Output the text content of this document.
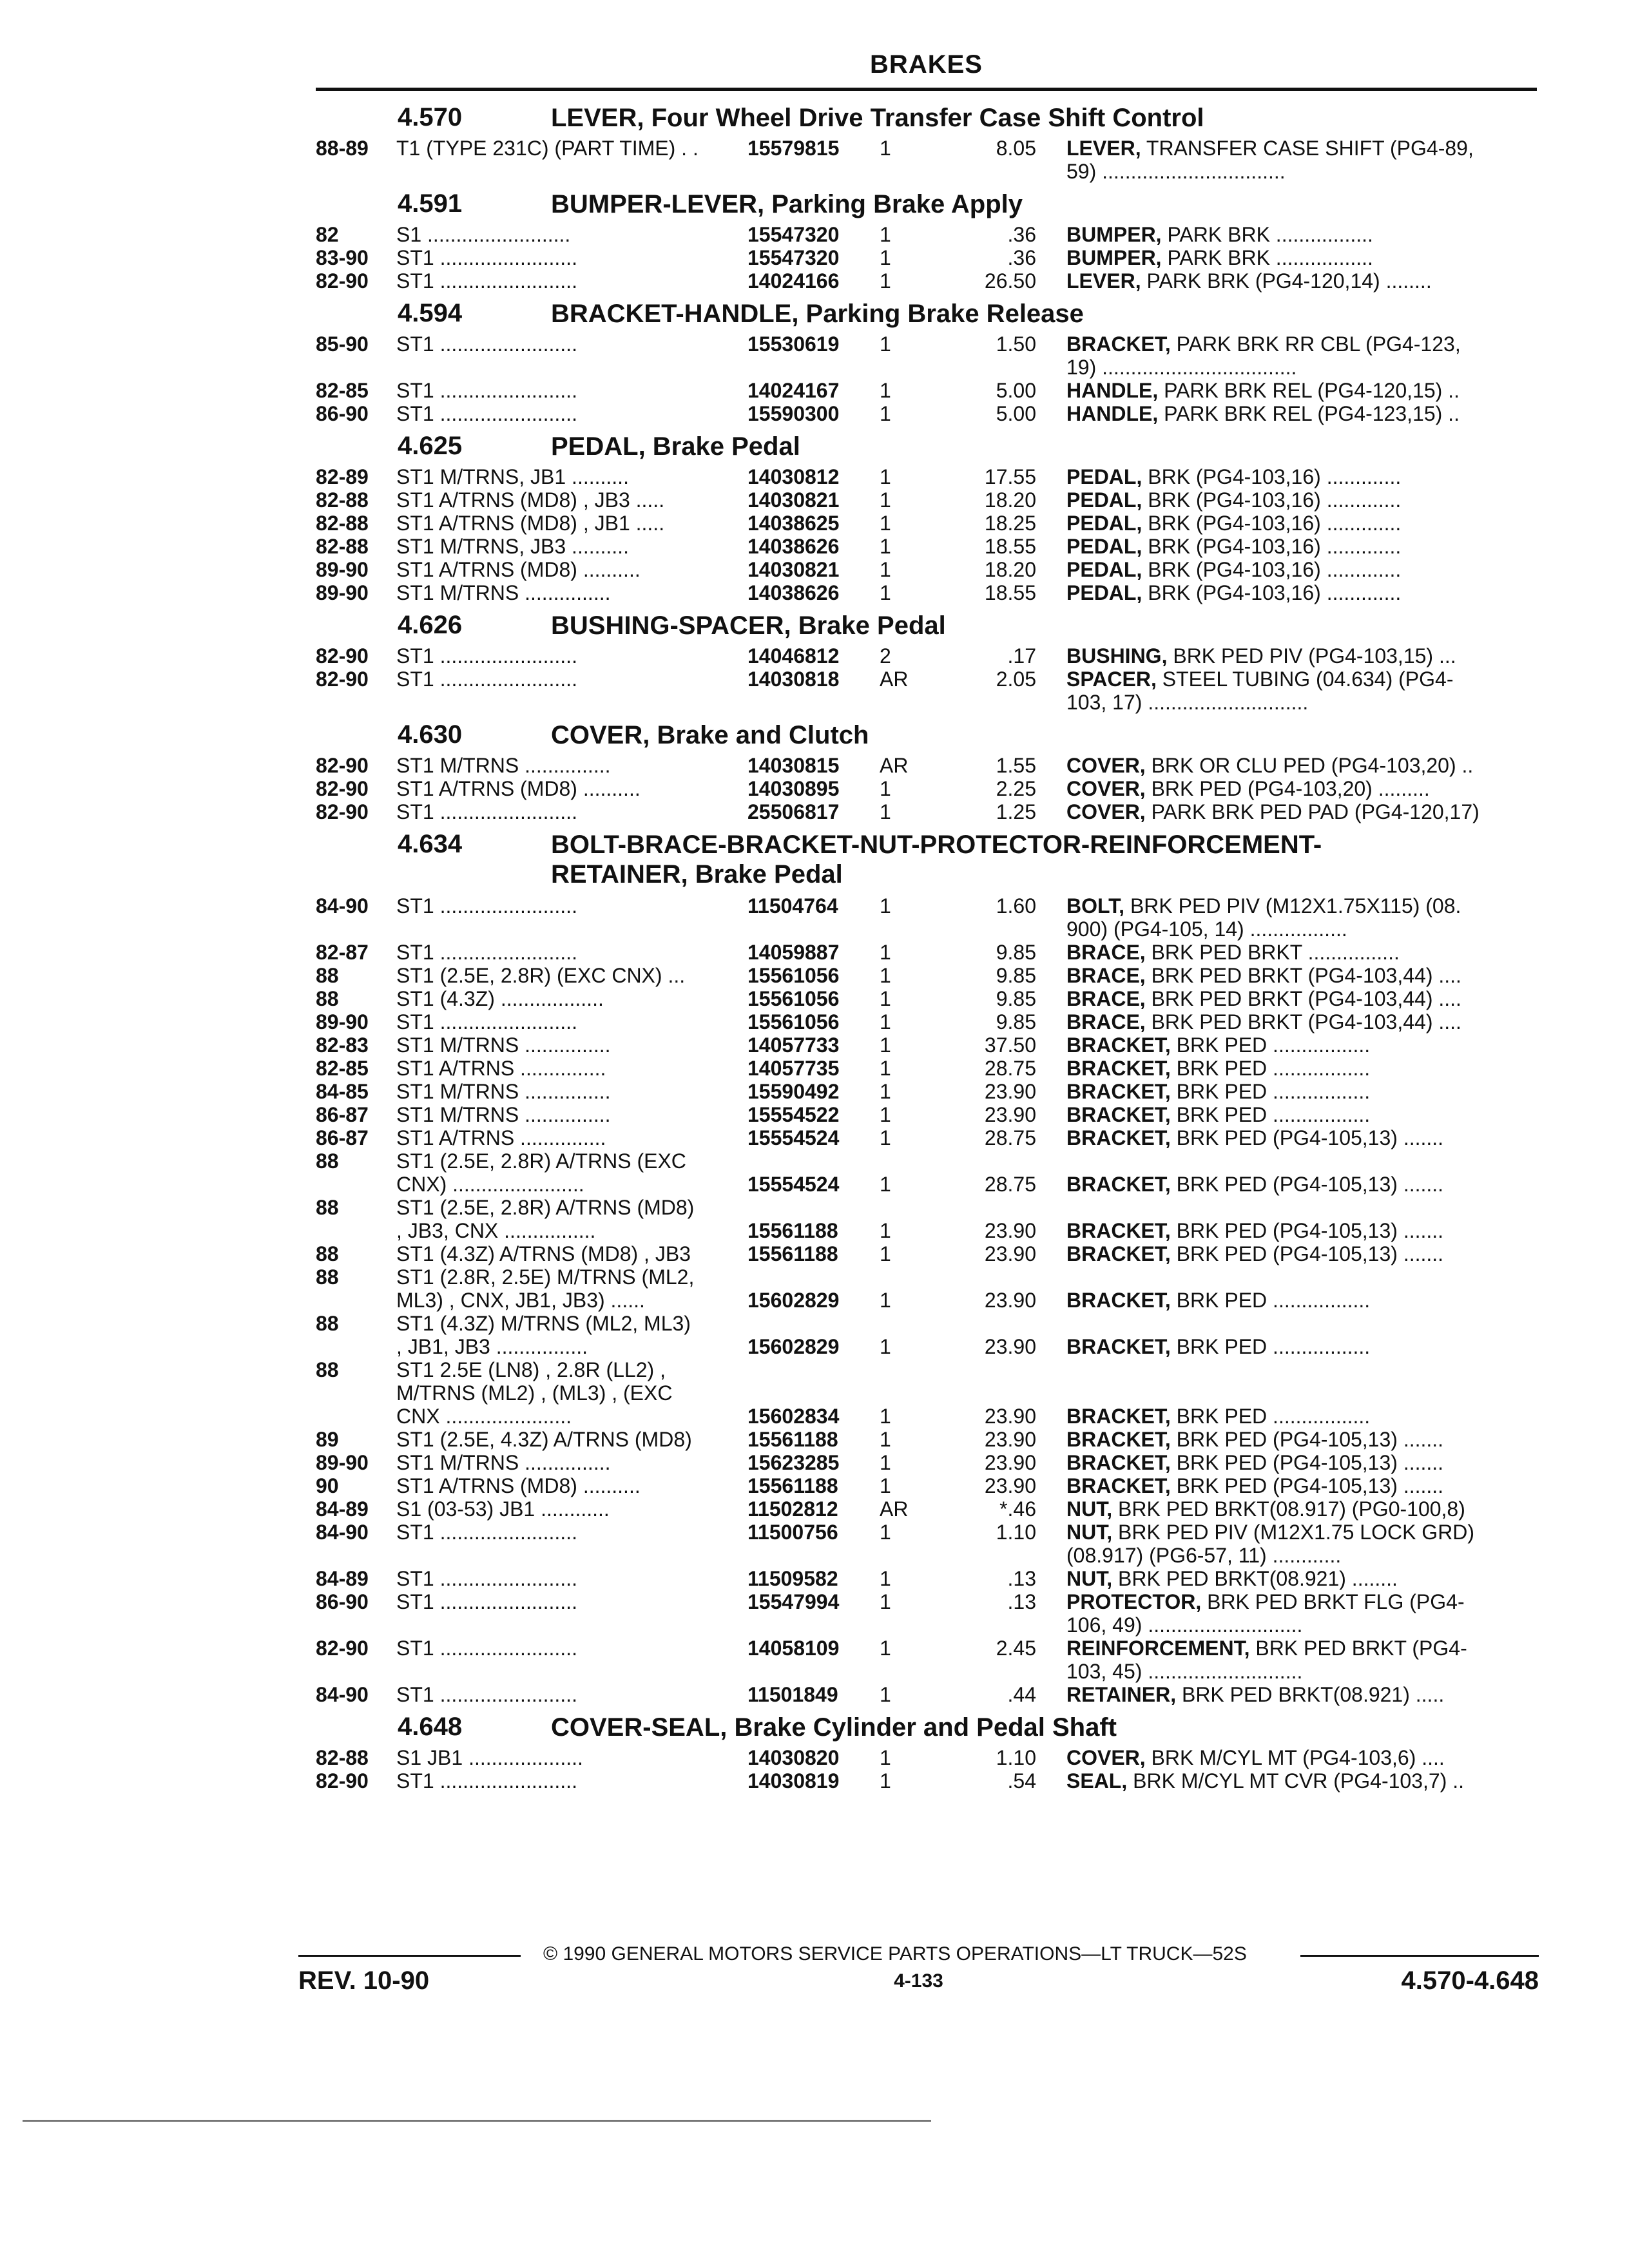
BRAKES
4.570	LEVER, Four Wheel Drive Transfer Case Shift Control
88-89 T1 (TYPE 231C) (PART TIME) . .	15579815 1	8.05 LEVER, TRANSFER CASE SHIFT (PG4-89,
59) ................................
4.591	BUMPER-LEVER, Parking Brake Apply
82	S1 .........................	15547320 1	.36 BUMPER, PARK BRK .................
83-90 ST1 ........................	15547320 1	.36 BUMPER, PARK BRK .................
82-90 ST1 ........................	14024166 1	26.50 LEVER, PARK BRK (PG4-120,14) ........
4.594	BRACKET-HANDLE, Parking Brake Release
85-90 ST1 ........................	15530619 1	1.50 BRACKET, PARK BRK RR CBL (PG4-123,
19) ..................................
82-85 ST1 ........................	14024167 1	5.00 HANDLE, PARK BRK REL (PG4-120,15) ..
86-90 ST1 ........................	15590300 1	5.00 HANDLE, PARK BRK REL (PG4-123,15) ..
4.625	PEDAL, Brake Pedal
82-89 ST1 M/TRNS, JB1 ..........	14030812 1	17.55 PEDAL, BRK (PG4-103,16) .............
82-88 ST1 A/TRNS (MD8) , JB3 .....	14030821 1	18.20 PEDAL, BRK (PG4-103,16) .............
82-88 ST1 A/TRNS (MD8) , JB1 .....	14038625 1	18.25 PEDAL, BRK (PG4-103,16) .............
82-88 ST1 M/TRNS, JB3 ..........	14038626 1	18.55 PEDAL, BRK (PG4-103,16) .............
89-90 ST1 A/TRNS (MD8) ..........	14030821 1	18.20 PEDAL, BRK (PG4-103,16) .............
89-90 ST1 M/TRNS ...............	14038626 1	18.55 PEDAL, BRK (PG4-103,16) .............
4.626	BUSHING-SPACER, Brake Pedal
82-90 ST1 ........................	14046812 2	.17 BUSHING, BRK PED PIV (PG4-103,15) ...
82-90 ST1 ........................	14030818 AR	2.05 SPACER, STEEL TUBING (04.634) (PG4-
103, 17) ............................
4.630	COVER, Brake and Clutch
82-90 ST1 M/TRNS ...............	14030815 AR	1.55 COVER, BRK OR CLU PED (PG4-103,20) ..
82-90 ST1 A/TRNS (MD8) ..........	14030895 1	2.25 COVER, BRK PED (PG4-103,20) .........
82-90 ST1 ........................	25506817 1	1.25 COVER, PARK BRK PED PAD (PG4-120,17)
4.634	BOLT-BRACE-BRACKET-NUT-PROTECTOR-REINFORCEMENT-
RETAINER, Brake Pedal
84-90 ST1 ........................	11504764 1	1.60 BOLT, BRK PED PIV (M12X1.75X115) (08.
900) (PG4-105, 14) .................
82-87 ST1 ........................	14059887 1	9.85 BRACE, BRK PED BRKT ................
88	ST1 (2.5E, 2.8R) (EXC CNX) ...	15561056 1	9.85 BRACE, BRK PED BRKT (PG4-103,44) ....
88	ST1 (4.3Z) ..................	15561056 1	9.85 BRACE, BRK PED BRKT (PG4-103,44) ....
89-90 ST1 ........................	15561056 1	9.85 BRACE, BRK PED BRKT (PG4-103,44) ....
82-83 ST1 M/TRNS ...............	14057733 1	37.50 BRACKET, BRK PED .................
82-85 ST1 A/TRNS ...............	14057735 1	28.75 BRACKET, BRK PED .................
84-85 ST1 M/TRNS ...............	15590492 1	23.90 BRACKET, BRK PED .................
86-87 ST1 M/TRNS ...............	15554522 1	23.90 BRACKET, BRK PED .................
86-87 ST1 A/TRNS ...............	15554524 1	28.75 BRACKET, BRK PED (PG4-105,13) .......
88	ST1 (2.5E, 2.8R) A/TRNS (EXC
CNX) .......................	15554524 1	28.75 BRACKET, BRK PED (PG4-105,13) .......
88	ST1 (2.5E, 2.8R) A/TRNS (MD8)
, JB3, CNX ................	15561188 1	23.90 BRACKET, BRK PED (PG4-105,13) .......
88	ST1 (4.3Z) A/TRNS (MD8) , JB3	15561188 1	23.90 BRACKET, BRK PED (PG4-105,13) .......
88	ST1 (2.8R, 2.5E) M/TRNS (ML2,
ML3) , CNX, JB1, JB3) ......	15602829 1	23.90 BRACKET, BRK PED .................
88	ST1 (4.3Z) M/TRNS (ML2, ML3)
, JB1, JB3 ................	15602829 1	23.90 BRACKET, BRK PED .................
88	ST1 2.5E (LN8) , 2.8R (LL2) ,
M/TRNS (ML2) , (ML3) , (EXC
CNX ......................	15602834 1	23.90 BRACKET, BRK PED .................
89	ST1 (2.5E, 4.3Z) A/TRNS (MD8)	15561188 1	23.90 BRACKET, BRK PED (PG4-105,13) .......
89-90 ST1 M/TRNS ...............	15623285 1	23.90 BRACKET, BRK PED (PG4-105,13) .......
90	ST1 A/TRNS (MD8) ..........	15561188 1	23.90 BRACKET, BRK PED (PG4-105,13) .......
84-89 S1 (03-53) JB1 ............	11502812 AR	*.46 NUT, BRK PED BRKT(08.917) (PG0-100,8)
84-90 ST1 ........................	11500756 1	1.10 NUT, BRK PED PIV (M12X1.75 LOCK GRD)
(08.917) (PG6-57, 11) ............
84-89 ST1 ........................	11509582 1	.13 NUT, BRK PED BRKT(08.921) ........
86-90 ST1 ........................	15547994 1	.13 PROTECTOR, BRK PED BRKT FLG (PG4-
106, 49) ...........................
82-90 ST1 ........................	14058109 1	2.45 REINFORCEMENT, BRK PED BRKT (PG4-
103, 45) ...........................
84-90 ST1 ........................	11501849 1	.44 RETAINER, BRK PED BRKT(08.921) .....
4.648	COVER-SEAL, Brake Cylinder and Pedal Shaft
82-88 S1 JB1 ....................	14030820 1	1.10 COVER, BRK M/CYL MT (PG4-103,6) ....
82-90 ST1 ........................	14030819 1	.54 SEAL, BRK M/CYL MT CVR (PG4-103,7) ..
© 1990 GENERAL MOTORS SERVICE PARTS OPERATIONS—LT TRUCK—52S
REV. 10-90	4-133	4.570-4.648
